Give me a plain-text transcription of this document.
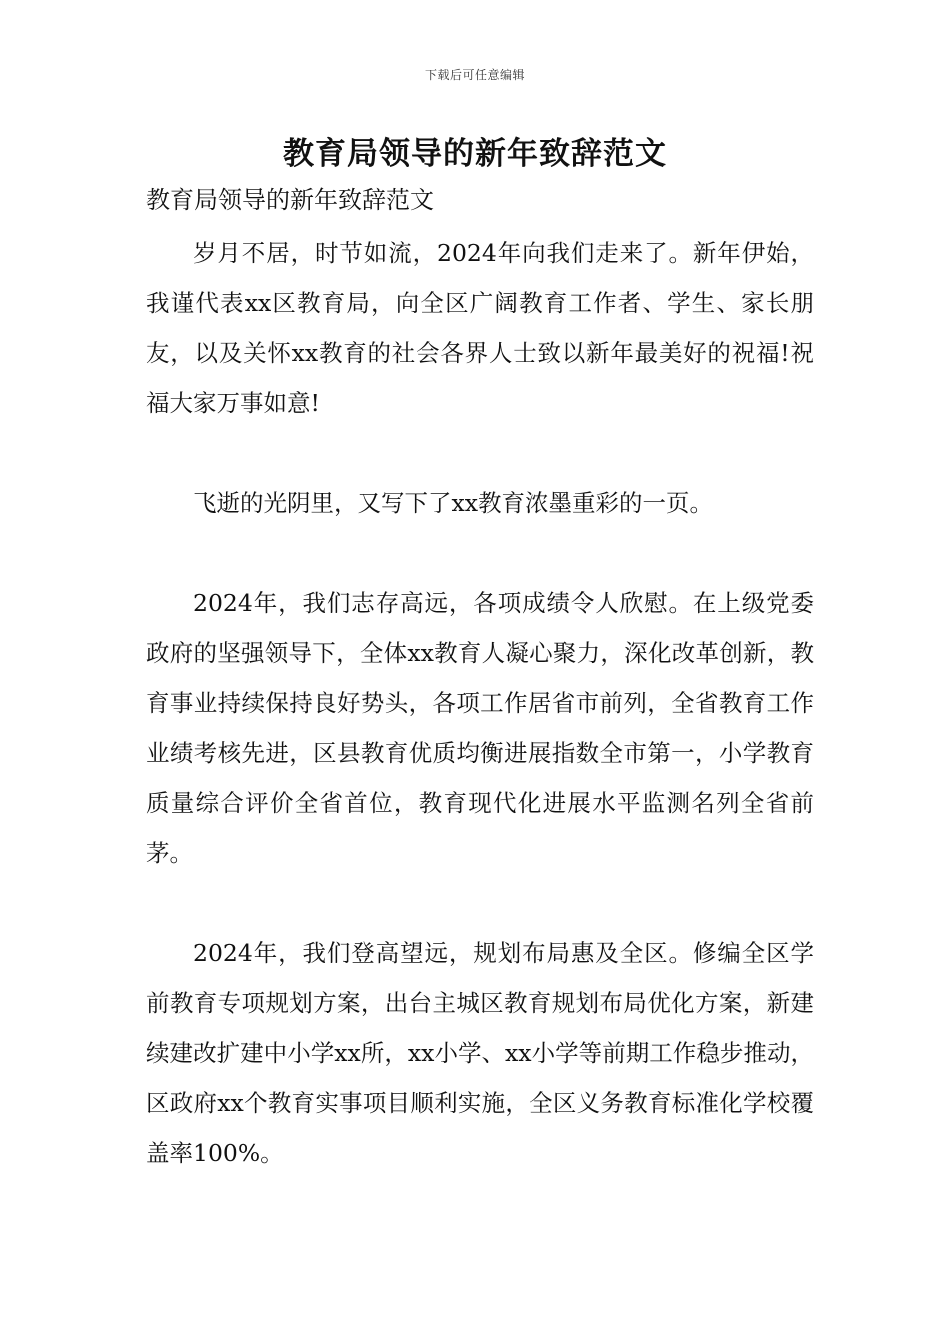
下载后可任意编辑
教育局领导的新年致辞范文

教育局领导的新年致辞范文

岁月不居，时节如流，2024年向我们走来了。新年伊始，我谨代表xx区教育局，向全区广阔教育工作者、学生、家长朋友，以及关怀xx教育的社会各界人士致以新年最美好的祝福!祝福大家万事如意!

飞逝的光阴里，又写下了xx教育浓墨重彩的一页。

2024年，我们志存高远，各项成绩令人欣慰。在上级党委政府的坚强领导下，全体xx教育人凝心聚力，深化改革创新，教育事业持续保持良好势头，各项工作居省市前列，全省教育工作业绩考核先进，区县教育优质均衡进展指数全市第一，小学教育质量综合评价全省首位，教育现代化进展水平监测名列全省前茅。

2024年，我们登高望远，规划布局惠及全区。修编全区学前教育专项规划方案，出台主城区教育规划布局优化方案，新建续建改扩建中小学xx所，xx小学、xx小学等前期工作稳步推动，区政府xx个教育实事项目顺利实施，全区义务教育标准化学校覆盖率100%。
